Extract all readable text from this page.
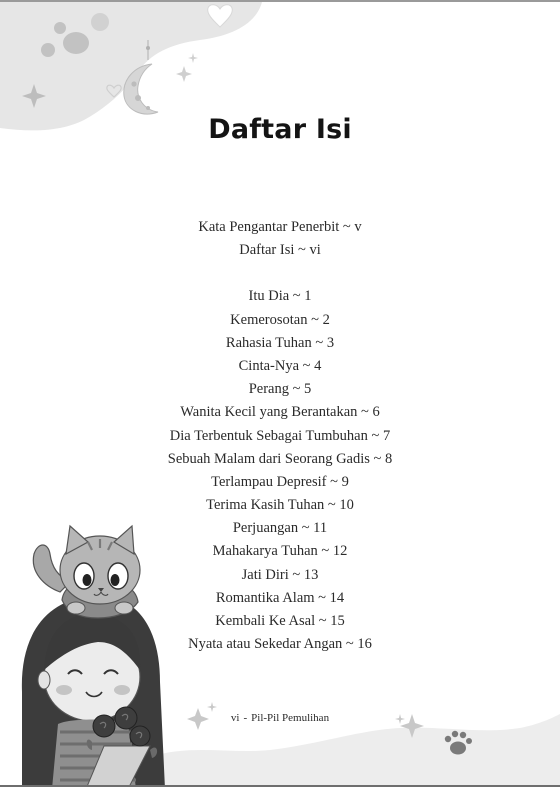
Daftar Isi
Kata Pengantar Penerbit ~ v
Daftar Isi ~ vi
Itu Dia ~ 1
Kemerosotan ~ 2
Rahasia Tuhan ~ 3
Cinta-Nya ~ 4
Perang ~ 5
Wanita Kecil yang Berantakan ~ 6
Dia Terbentuk Sebagai Tumbuhan ~ 7
Sebuah Malam dari Seorang Gadis ~ 8
Terlampau Depresif ~ 9
Terima Kasih Tuhan ~ 10
Perjuangan ~ 11
Mahakarya Tuhan ~ 12
Jati Diri ~ 13
Romantika Alam ~ 14
Kembali Ke Asal ~ 15
Nyata atau Sekedar Angan ~ 16
vi - Pil-Pil Pemulihan
